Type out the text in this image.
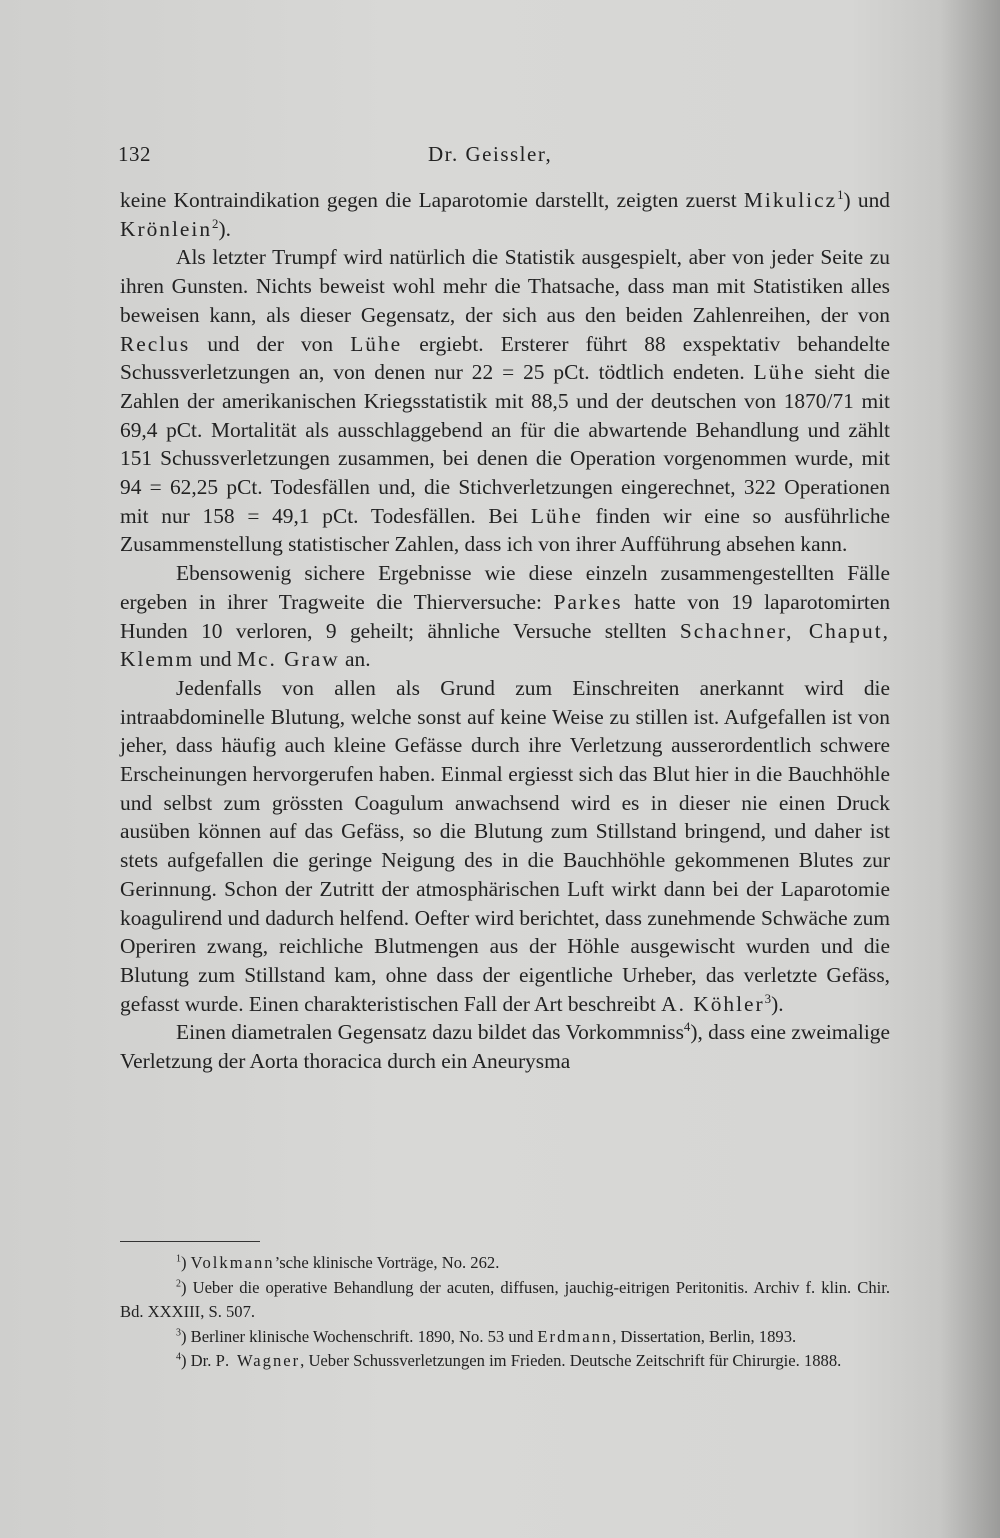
132	Dr. Geissler,

keine Kontraindikation gegen die Laparotomie darstellt, zeigten zuerst Mikulicz$^1$) und Krönlein$^2$).

Als letzter Trumpf wird natürlich die Statistik ausgespielt, aber von jeder Seite zu ihren Gunsten. Nichts beweist wohl mehr die Thatsache, dass man mit Statistiken alles beweisen kann, als dieser Gegensatz, der sich aus den beiden Zahlenreihen, der von Reclus und der von Lühe ergiebt. Ersterer führt 88 exspektativ behandelte Schussverletzungen an, von denen nur 22 = 25 pCt. tödtlich endeten. Lühe sieht die Zahlen der amerikanischen Kriegsstatistik mit 88,5 und der deutschen von 1870/71 mit 69,4 pCt. Mortalität als ausschlaggebend an für die abwartende Behandlung und zählt 151 Schussverletzungen zusammen, bei denen die Operation vorgenommen wurde, mit 94 = 62,25 pCt. Todesfällen und, die Stichverletzungen eingerechnet, 322 Operationen mit nur 158 = 49,1 pCt. Todesfällen. Bei Lühe finden wir eine so ausführliche Zusammenstellung statistischer Zahlen, dass ich von ihrer Aufführung absehen kann.

Ebensowenig sichere Ergebnisse wie diese einzeln zusammengestellten Fälle ergeben in ihrer Tragweite die Thierversuche: Parkes hatte von 19 laparotomirten Hunden 10 verloren, 9 geheilt; ähnliche Versuche stellten Schachner, Chaput, Klemm und Mc. Graw an.

Jedenfalls von allen als Grund zum Einschreiten anerkannt wird die intraabdominelle Blutung, welche sonst auf keine Weise zu stillen ist. Aufgefallen ist von jeher, dass häufig auch kleine Gefässe durch ihre Verletzung ausserordentlich schwere Erscheinungen hervorgerufen haben. Einmal ergiesst sich das Blut hier in die Bauchhöhle und selbst zum grössten Coagulum anwachsend wird es in dieser nie einen Druck ausüben können auf das Gefäss, so die Blutung zum Stillstand bringend, und daher ist stets aufgefallen die geringe Neigung des in die Bauchhöhle gekommenen Blutes zur Gerinnung. Schon der Zutritt der atmosphärischen Luft wirkt dann bei der Laparotomie koagulirend und dadurch helfend. Oefter wird berichtet, dass zunehmende Schwäche zum Operiren zwang, reichliche Blutmengen aus der Höhle ausgewischt wurden und die Blutung zum Stillstand kam, ohne dass der eigentliche Urheber, das verletzte Gefäss, gefasst wurde. Einen charakteristischen Fall der Art beschreibt A. Köhler$^3$).

Einen diametralen Gegensatz dazu bildet das Vorkommniss$^4$), dass eine zweimalige Verletzung der Aorta thoracica durch ein Aneurysma

$^1$) Volkmann’sche klinische Vorträge, No. 262.

$^2$) Ueber die operative Behandlung der acuten, diffusen, jauchig-eitrigen Peritonitis. Archiv f. klin. Chir. Bd. XXXIII, S. 507.

$^3$) Berliner klinische Wochenschrift. 1890, No. 53 und Erdmann, Dissertation, Berlin, 1893.

$^4$) Dr. P. Wagner, Ueber Schussverletzungen im Frieden. Deutsche Zeitschrift für Chirurgie. 1888.
